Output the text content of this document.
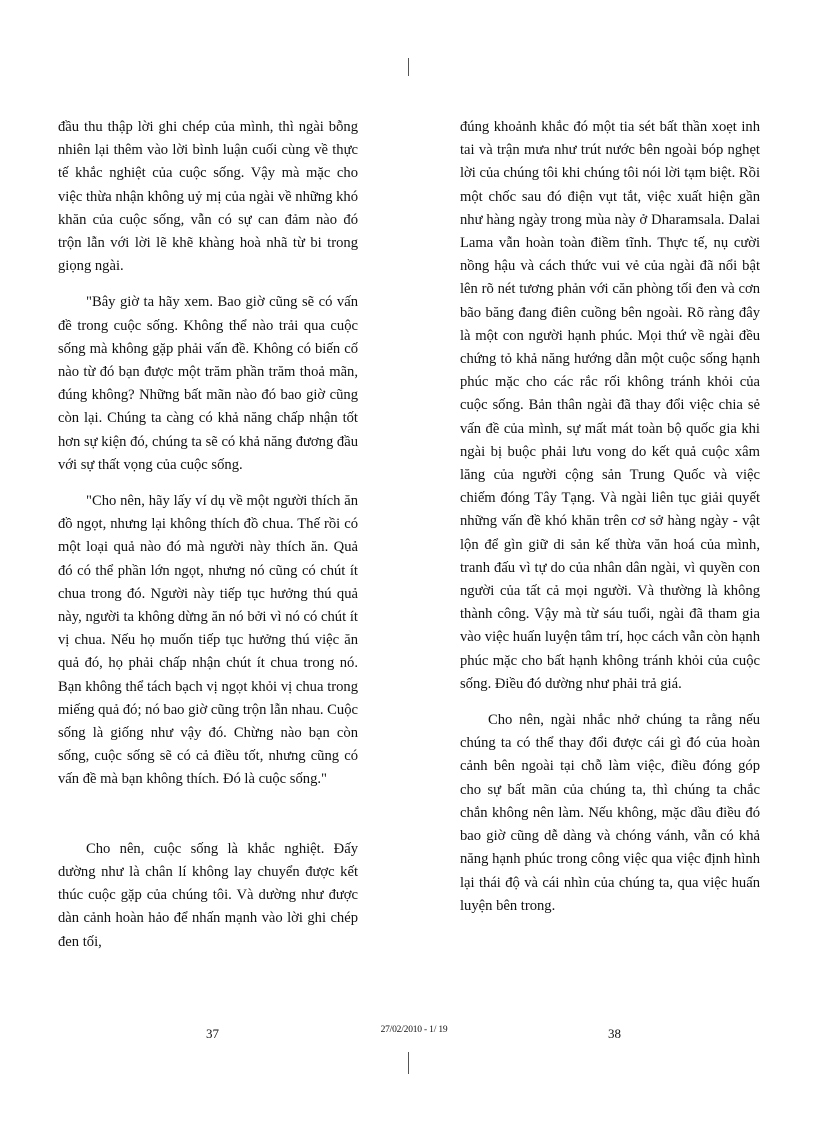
đầu thu thập lời ghi chép của mình, thì ngài bỗng nhiên lại thêm vào lời bình luận cuối cùng về thực tế khắc nghiệt của cuộc sống. Vậy mà mặc cho việc thừa nhận không uỷ mị của ngài về những khó khăn của cuộc sống, vẫn có sự can đảm nào đó trộn lẫn với lời lẽ khẽ khàng hoà nhã từ bi trong giọng ngài.

"Bây giờ ta hãy xem. Bao giờ cũng sẽ có vấn đề trong cuộc sống. Không thể nào trải qua cuộc sống mà không gặp phải vấn đề. Không có biến cố nào từ đó bạn được một trăm phần trăm thoả mãn, đúng không? Những bất mãn nào đó bao giờ cũng còn lại. Chúng ta càng có khả năng chấp nhận tốt hơn sự kiện đó, chúng ta sẽ có khả năng đương đầu với sự thất vọng của cuộc sống.

"Cho nên, hãy lấy ví dụ về một người thích ăn đồ ngọt, nhưng lại không thích đồ chua. Thế rồi có một loại quả nào đó mà người này thích ăn. Quả đó có thể phần lớn ngọt, nhưng nó cũng có chút ít chua trong đó. Người này tiếp tục hưởng thú quả này, người ta không dừng ăn nó bởi vì nó có chút ít vị chua. Nếu họ muốn tiếp tục hưởng thú việc ăn quả đó, họ phải chấp nhận chút ít chua trong nó. Bạn không thể tách bạch vị ngọt khỏi vị chua trong miếng quả đó; nó bao giờ cũng trộn lẫn nhau. Cuộc sống là giống như vậy đó. Chừng nào bạn còn sống, cuộc sống sẽ có cả điều tốt, nhưng cũng có vấn đề mà bạn không thích. Đó là cuộc sống."

Cho nên, cuộc sống là khắc nghiệt. Đấy dường như là chân lí không lay chuyển được kết thúc cuộc gặp của chúng tôi. Và dường như được dàn cảnh hoàn hảo để nhấn mạnh vào lời ghi chép đen tối,

đúng khoảnh khắc đó một tia sét bất thần xoẹt inh tai và trận mưa như trút nước bên ngoài bóp nghẹt lời của chúng tôi khi chúng tôi nói lời tạm biệt. Rồi một chốc sau đó điện vụt tắt, việc xuất hiện gần như hàng ngày trong mùa này ở Dharamsala. Dalai Lama vẫn hoàn toàn điềm tĩnh. Thực tế, nụ cười nồng hậu và cách thức vui vẻ của ngài đã nổi bật lên rõ nét tương phản với căn phòng tối đen và cơn bão băng đang điên cuồng bên ngoài. Rõ ràng đây là một con người hạnh phúc. Mọi thứ về ngài đều chứng tỏ khả năng hướng dẫn một cuộc sống hạnh phúc mặc cho các rắc rối không tránh khỏi của cuộc sống. Bản thân ngài đã thay đổi việc chia sẻ vấn đề của mình, sự mất mát toàn bộ quốc gia khi ngài bị buộc phải lưu vong do kết quả cuộc xâm lăng của người cộng sản Trung Quốc và việc chiếm đóng Tây Tạng. Và ngài liên tục giải quyết những vấn đề khó khăn trên cơ sở hàng ngày - vật lộn để gìn giữ di sản kế thừa văn hoá của mình, tranh đấu vì tự do của nhân dân ngài, vì quyền con người của tất cả mọi người. Và thường là không thành công. Vậy mà từ sáu tuổi, ngài đã tham gia vào việc huấn luyện tâm trí, học cách vẫn còn hạnh phúc mặc cho bất hạnh không tránh khỏi của cuộc sống. Điều đó dường như phải trả giá.

Cho nên, ngài nhắc nhở chúng ta rằng nếu chúng ta có thể thay đổi được cái gì đó của hoàn cảnh bên ngoài tại chỗ làm việc, điều đóng góp cho sự bất mãn của chúng ta, thì chúng ta chắc chắn không nên làm. Nếu không, mặc dầu điều đó bao giờ cũng dễ dàng và chóng vánh, vẫn có khả năng hạnh phúc trong công việc qua việc định hình lại thái độ và cái nhìn của chúng ta, qua việc huấn luyện bên trong.

37	27/02/2010 - 1/ 19	38
